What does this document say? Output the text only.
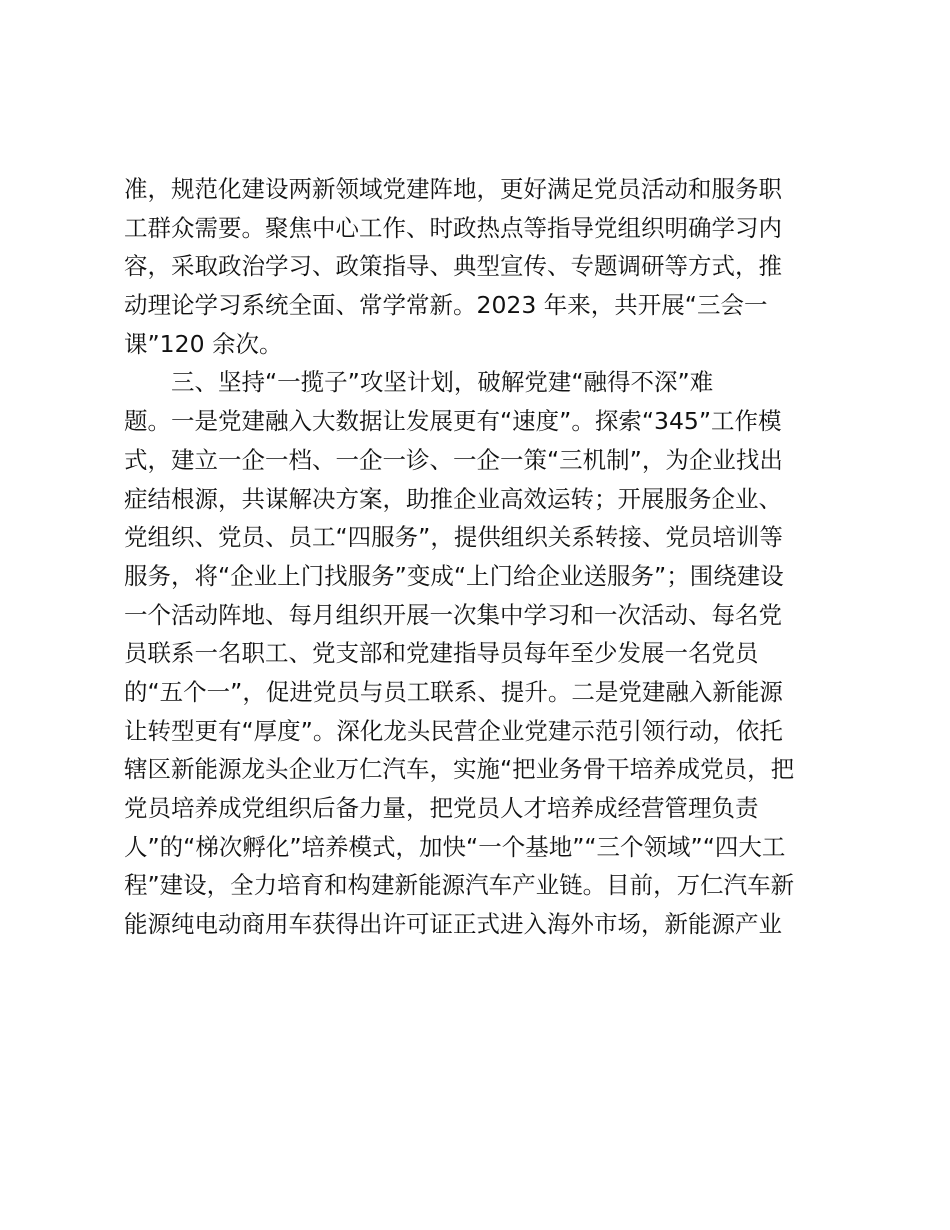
准，规范化建设两新领域党建阵地，更好满足党员活动和服务职
工群众需要。聚焦中心工作、时政热点等指导党组织明确学习内
容，采取政治学习、政策指导、典型宣传、专题调研等方式，推
动理论学习系统全面、常学常新。2023 年来，共开展“三会一
课”120 余次。
　　三、坚持“一揽子”攻坚计划，破解党建“融得不深”难
题。一是党建融入大数据让发展更有“速度”。探索“345”工作模
式，建立一企一档、一企一诊、一企一策“三机制”，为企业找出
症结根源，共谋解决方案，助推企业高效运转；开展服务企业、
党组织、党员、员工“四服务”，提供组织关系转接、党员培训等
服务，将“企业上门找服务”变成“上门给企业送服务”；围绕建设
一个活动阵地、每月组织开展一次集中学习和一次活动、每名党
员联系一名职工、党支部和党建指导员每年至少发展一名党员
的“五个一”，促进党员与员工联系、提升。二是党建融入新能源
让转型更有“厚度”。深化龙头民营企业党建示范引领行动，依托
辖区新能源龙头企业万仁汽车，实施“把业务骨干培养成党员，把
党员培养成党组织后备力量，把党员人才培养成经营管理负责
人”的“梯次孵化”培养模式，加快“一个基地”“三个领域”“四大工
程”建设，全力培育和构建新能源汽车产业链。目前，万仁汽车新
能源纯电动商用车获得出许可证正式进入海外市场，新能源产业
